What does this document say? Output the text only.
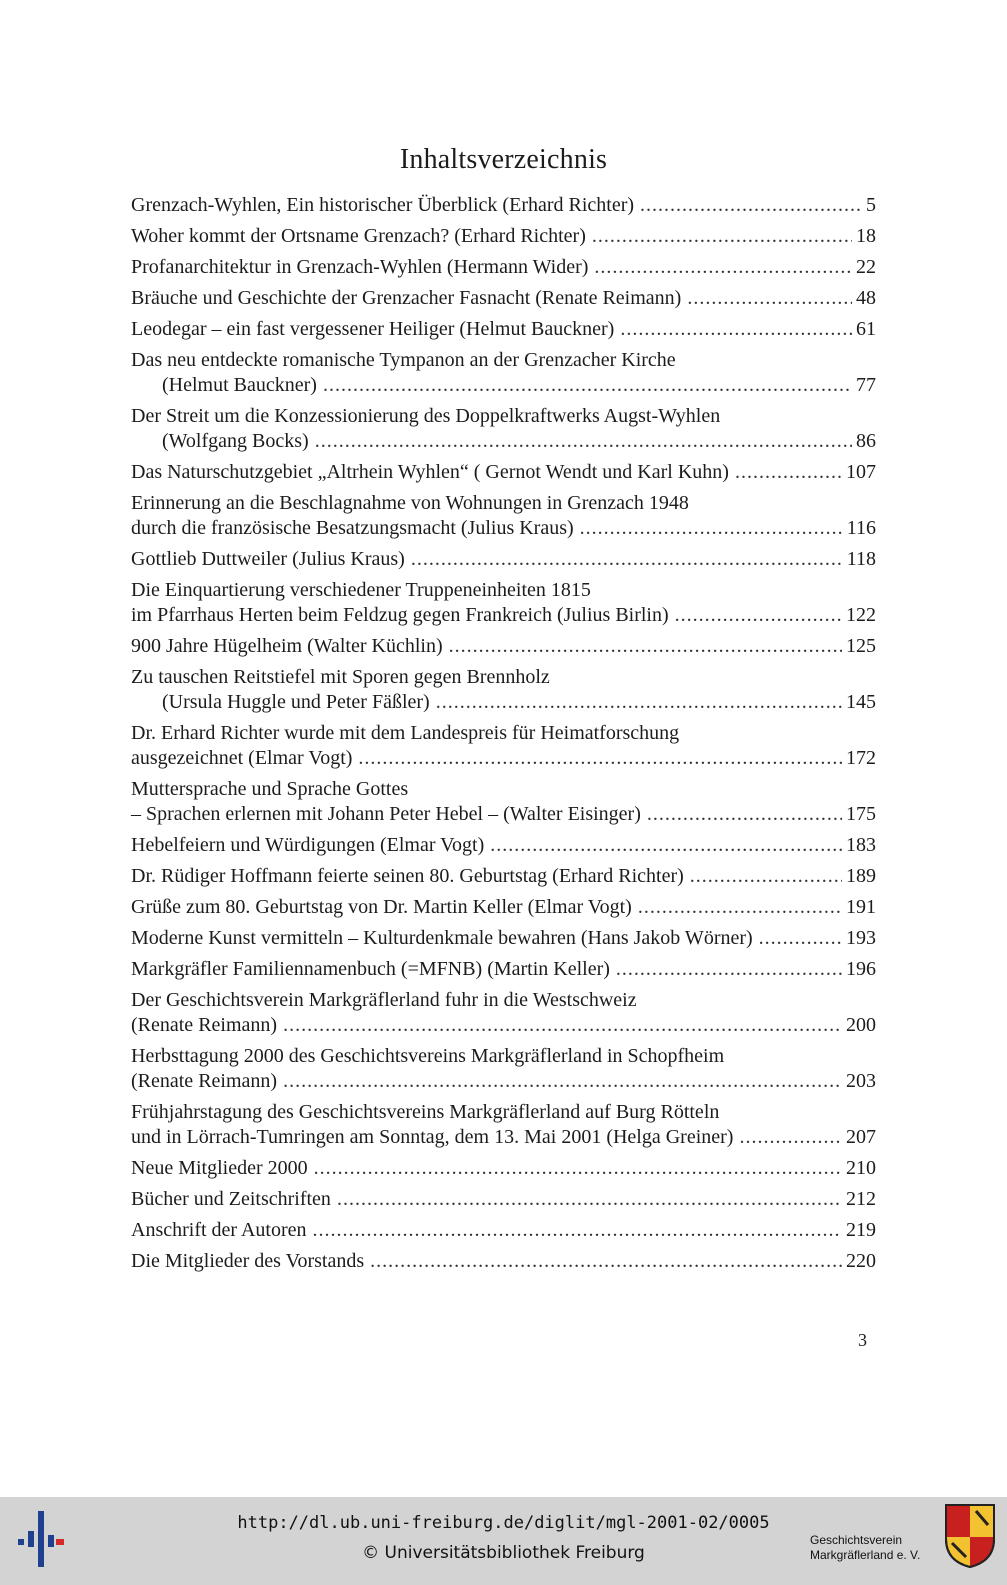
Inhaltsverzeichnis
Grenzach-Wyhlen, Ein historischer Überblick (Erhard Richter) .....	5
Woher kommt der Ortsname Grenzach? (Erhard Richter) .....	18
Profanarchitektur in Grenzach-Wyhlen (Hermann Wider) .....	22
Bräuche und Geschichte der Grenzacher Fasnacht (Renate Reimann) .....	48
Leodegar – ein fast vergessener Heiliger (Helmut Bauckner) .....	61
Das neu entdeckte romanische Tympanon an der Grenzacher Kirche
(Helmut Bauckner) .....	77
Der Streit um die Konzessionierung des Doppelkraftwerks Augst-Wyhlen
(Wolfgang Bocks) .....	86
Das Naturschutzgebiet „Altrhein Wyhlen“ ( Gernot Wendt und Karl Kuhn) .....	107
Erinnerung an die Beschlagnahme von Wohnungen in Grenzach 1948
durch die französische Besatzungsmacht (Julius Kraus) .....	116
Gottlieb Duttweiler (Julius Kraus) .....	118
Die Einquartierung verschiedener Truppeneinheiten 1815
im Pfarrhaus Herten beim Feldzug gegen Frankreich (Julius Birlin) .....	122
900 Jahre Hügelheim (Walter Küchlin) .....	125
Zu tauschen Reitstiefel mit Sporen gegen Brennholz
(Ursula Huggle und Peter Fäßler) .....	145
Dr. Erhard Richter wurde mit dem Landespreis für Heimatforschung
ausgezeichnet (Elmar Vogt) .....	172
Muttersprache und Sprache Gottes
– Sprachen erlernen mit Johann Peter Hebel – (Walter Eisinger) .....	175
Hebelfeiern und Würdigungen (Elmar Vogt) .....	183
Dr. Rüdiger Hoffmann feierte seinen 80. Geburtstag (Erhard Richter) .....	189
Grüße zum 80. Geburtstag von Dr. Martin Keller (Elmar Vogt) .....	191
Moderne Kunst vermitteln – Kulturdenkmale bewahren (Hans Jakob Wörner) .....	193
Markgräfler Familiennamenbuch (=MFNB) (Martin Keller) .....	196
Der Geschichtsverein Markgräflerland fuhr in die Westschweiz
(Renate Reimann) .....	200
Herbsttagung 2000 des Geschichtsvereins Markgräflerland in Schopfheim
(Renate Reimann) .....	203
Frühjahrstagung des Geschichtsvereins Markgräflerland auf Burg Rötteln
und in Lörrach-Tumringen am Sonntag, dem 13. Mai 2001 (Helga Greiner) .....	207
Neue Mitglieder 2000 .....	210
Bücher und Zeitschriften .....	212
Anschrift der Autoren .....	219
Die Mitglieder des Vorstands .....	220
3
http://dl.ub.uni-freiburg.de/diglit/mgl-2001-02/0005
© Universitätsbibliothek Freiburg
Geschichtsverein
Markgräflerland e. V.
